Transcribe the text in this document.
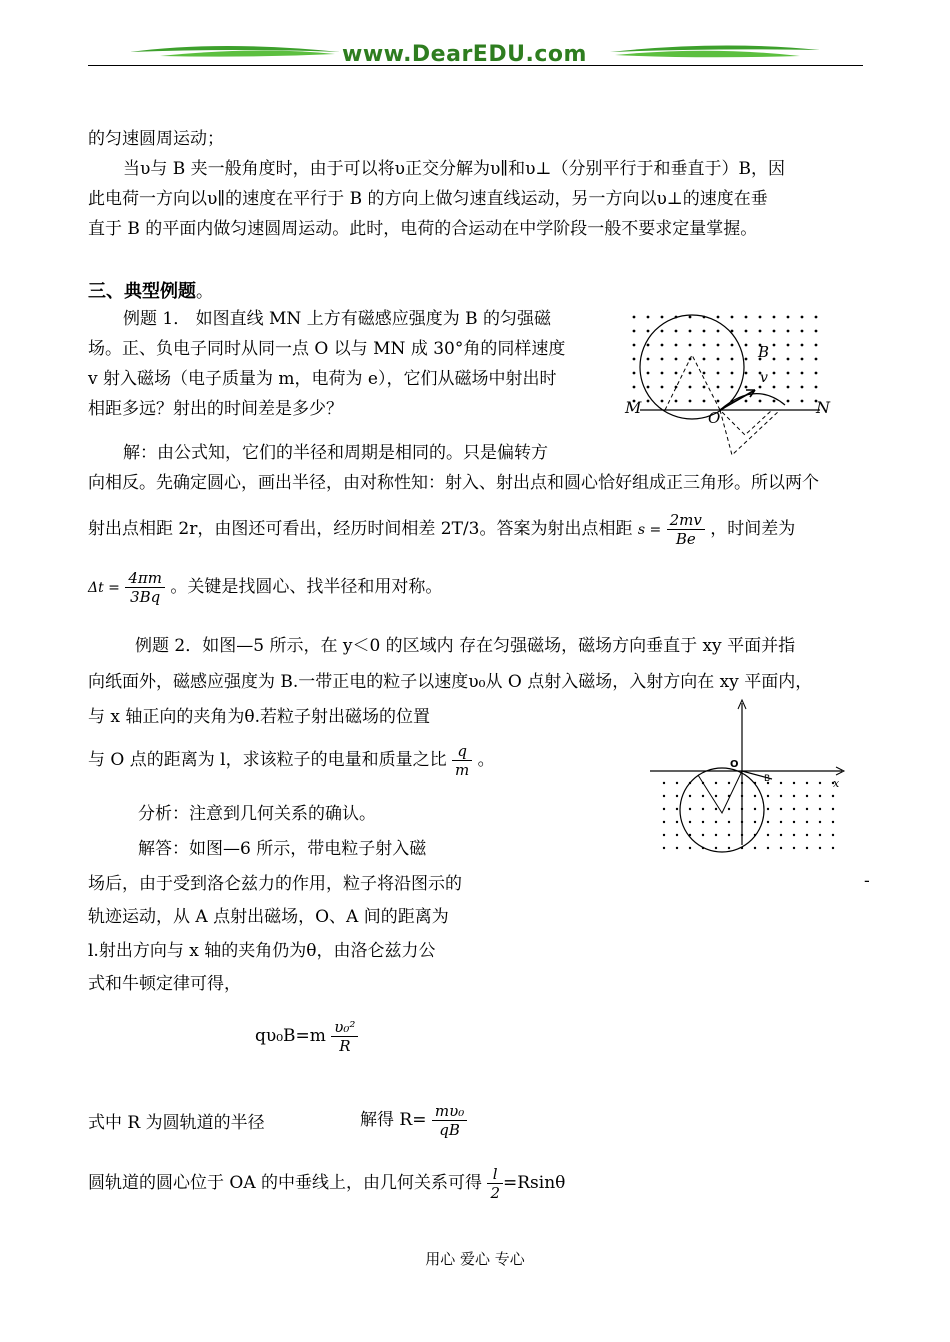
www.DearEDU.com
的匀速圆周运动；
当υ与 B 夹一般角度时，由于可以将υ正交分解为υ∥和υ⊥（分别平行于和垂直于）B，因
此电荷一方向以υ∥的速度在平行于 B 的方向上做匀速直线运动，另一方向以υ⊥的速度在垂
直于 B 的平面内做匀速圆周运动。此时，电荷的合运动在中学阶段一般不要求定量掌握。
三、典型例题。
例题 1． 如图直线 MN 上方有磁感应强度为 B 的匀强磁
场。正、负电子同时从同一点 O 以与 MN 成 30°角的同样速度
v 射入磁场（电子质量为 m，电荷为 e），它们从磁场中射出时
相距多远？射出的时间差是多少？	M	N
O
B
v
解：由公式知，它们的半径和周期是相同的。只是偏转方
向相反。先确定圆心，画出半径，由对称性知：射入、射出点和圆心恰好组成正三角形。所以两个
射出点相距 2r，由图还可看出，经历时间相差 2T/3。答案为射出点相距 $s = \frac{2mv}{Be}$ ，时间差为
$\Delta t = \frac{4\pi m}{3Bq}$ 。关键是找圆心、找半径和用对称。
例题 2．如图—5 所示，在 y＜0 的区域内 存在匀强磁场，磁场方向垂直于 xy 平面并指
向纸面外，磁感应强度为 B.一带正电的粒子以速度υ₀从 O 点射入磁场，入射方向在 xy 平面内，
与 x 轴正向的夹角为θ.若粒子射出磁场的位置
与 O 点的距离为 l，求该粒子的电量和质量之比 $\frac{q}{m}$ 。	O
B	x
分析：注意到几何关系的确认。
解答：如图—6 所示，带电粒子射入磁
场后，由于受到洛仑兹力的作用，粒子将沿图示的
轨迹运动，从 A 点射出磁场，O、A 间的距离为
l.射出方向与 x 轴的夹角仍为θ，由洛仑兹力公
式和牛顿定律可得，
-
$q\upsilon_0B=m \frac{\text{υ₀²}}{R}$
式中 R 为圆轨道的半径	解得 $R= \frac{\text{mυ₀}}{qB}$
圆轨道的圆心位于 OA 的中垂线上，由几何关系可得 $\frac{l}{2} =Rsin\theta$
用心 爱心 专心
